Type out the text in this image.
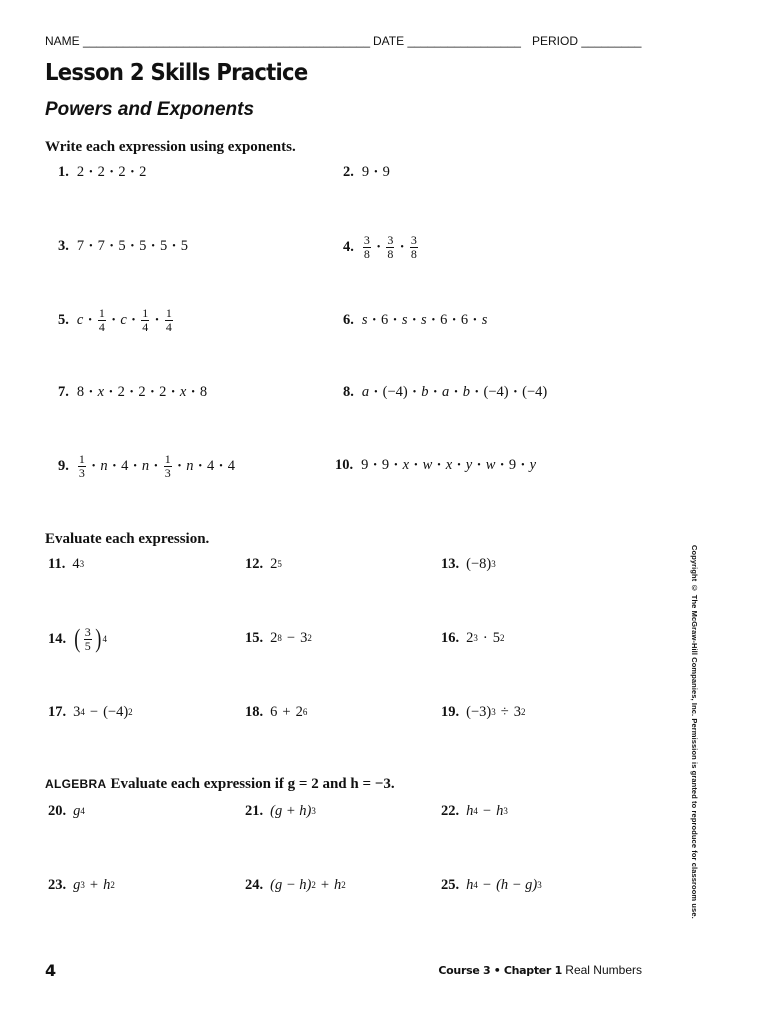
NAME ___________________________________________ DATE _________________ PERIOD _________
Lesson 2 Skills Practice
Powers and Exponents
Write each expression using exponents.
1. 2 • 2 • 2 • 2	2. 9 • 9
3. 7 • 7 • 5 • 5 • 5 • 5	4. $\frac{3}{8}$ • $\frac{3}{8}$ • $\frac{3}{8}$
5. c • $\frac{1}{4}$ • c • $\frac{1}{4}$ • $\frac{1}{4}$	6. s • 6 • s • s • 6 • 6 • s
7. 8 • x • 2 • 2 • 2 • x • 8	8. a • (−4) • b • a • b • (−4) • (−4)
9. $\frac{1}{3}$ • n • 4 • n • $\frac{1}{3}$ • n • 4 • 4	10. 9 • 9 • x • w • x • y • w • 9 • y
Evaluate each expression.
11. 4 3	12. 2 5	13. (−8) 3
14. ( $\frac{3}{5}$ ) 4	15. 2 8 − 3 2	16. 2 3 · 5 2
17. 3 4 − (−4) 2	18. 6 + 2 6	19. (−3) 3 ÷ 3 2
ALGEBRA Evaluate each expression if g = 2 and h = −3.
20. g 4	21. (g + h) 3	22. h 4 − h 3
23. g 3 + h 2	24. (g − h) 2 + h 2	25. h 4 − (h − g) 3	Copyright © The McGraw-Hill Companies, Inc. Permission is granted to reproduce for classroom use.
4	Course 3 • Chapter 1 Real Numbers
